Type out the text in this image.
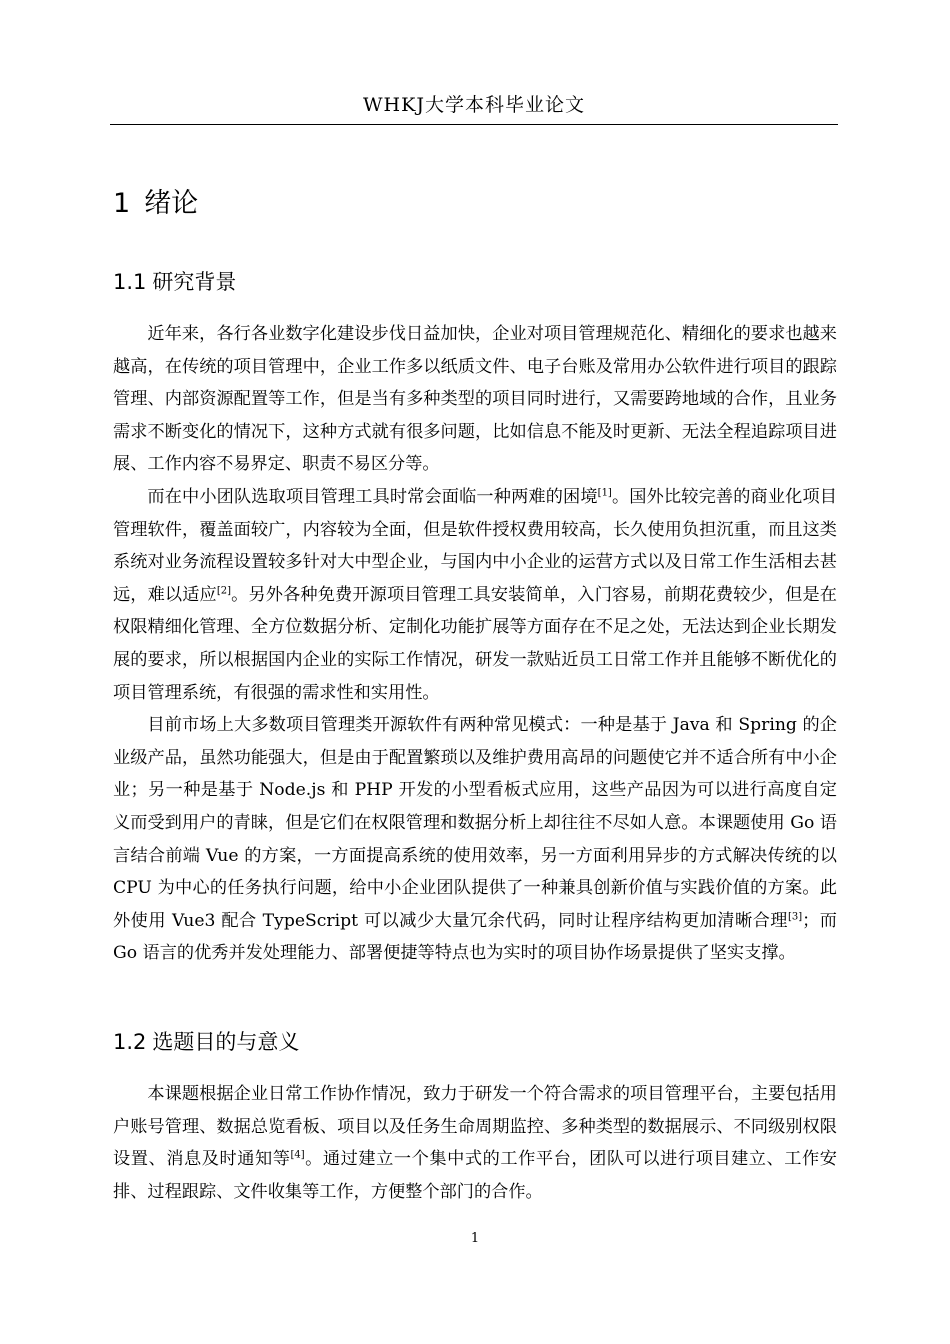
WHKJ大学本科毕业论文
1 绪论
1.1 研究背景

近年来，各行各业数字化建设步伐日益加快，企业对项目管理规范化、精细化的要求也越来越高，在传统的项目管理中，企业工作多以纸质文件、电子台账及常用办公软件进行项目的跟踪管理、内部资源配置等工作，但是当有多种类型的项目同时进行，又需要跨地域的合作，且业务需求不断变化的情况下，这种方式就有很多问题，比如信息不能及时更新、无法全程追踪项目进展、工作内容不易界定、职责不易区分等。

而在中小团队选取项目管理工具时常会面临一种两难的困境[1]。国外比较完善的商业化项目管理软件，覆盖面较广，内容较为全面，但是软件授权费用较高，长久使用负担沉重，而且这类系统对业务流程设置较多针对大中型企业，与国内中小企业的运营方式以及日常工作生活相去甚远，难以适应[2]。另外各种免费开源项目管理工具安装简单，入门容易，前期花费较少，但是在权限精细化管理、全方位数据分析、定制化功能扩展等方面存在不足之处，无法达到企业长期发展的要求，所以根据国内企业的实际工作情况，研发一款贴近员工日常工作并且能够不断优化的项目管理系统，有很强的需求性和实用性。

目前市场上大多数项目管理类开源软件有两种常见模式：一种是基于 Java 和 Spring 的企业级产品，虽然功能强大，但是由于配置繁琐以及维护费用高昂的问题使它并不适合所有中小企业；另一种是基于 Node.js 和 PHP 开发的小型看板式应用，这些产品因为可以进行高度自定义而受到用户的青睐，但是它们在权限管理和数据分析上却往往不尽如人意。本课题使用 Go 语言结合前端 Vue 的方案，一方面提高系统的使用效率，另一方面利用异步的方式解决传统的以 CPU 为中心的任务执行问题，给中小企业团队提供了一种兼具创新价值与实践价值的方案。此外使用 Vue3 配合 TypeScript 可以减少大量冗余代码，同时让程序结构更加清晰合理[3]；而 Go 语言的优秀并发处理能力、部署便捷等特点也为实时的项目协作场景提供了坚实支撑。

1.2 选题目的与意义

本课题根据企业日常工作协作情况，致力于研发一个符合需求的项目管理平台，主要包括用户账号管理、数据总览看板、项目以及任务生命周期监控、多种类型的数据展示、不同级别权限设置、消息及时通知等[4]。通过建立一个集中式的工作平台，团队可以进行项目建立、工作安排、过程跟踪、文件收集等工作，方便整个部门的合作。

1
